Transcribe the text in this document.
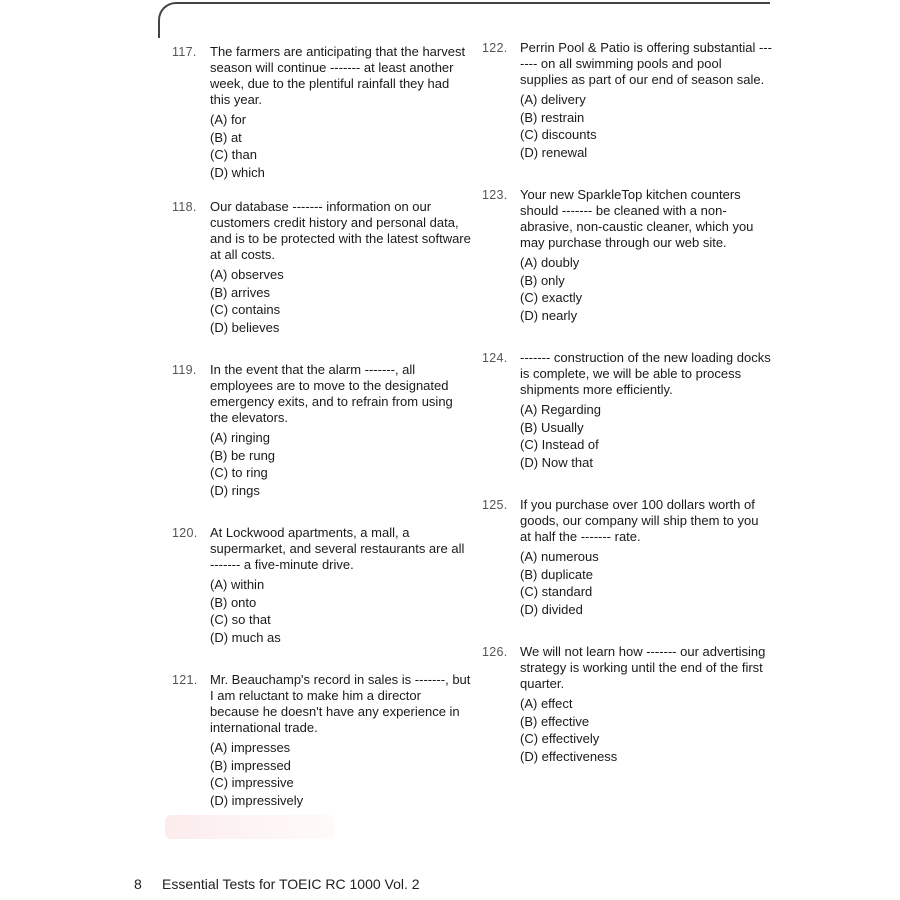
117. The farmers are anticipating that the harvest season will continue ------- at least another week, due to the plentiful rainfall they had this year.

(A) for
(B) at
(C) than
(D) which
118. Our database ------- information on our customers credit history and personal data, and is to be protected with the latest software at all costs.

(A) observes
(B) arrives
(C) contains
(D) believes
119. In the event that the alarm -------, all employees are to move to the designated emergency exits, and to refrain from using the elevators.

(A) ringing
(B) be rung
(C) to ring
(D) rings
120. At Lockwood apartments, a mall, a supermarket, and several restaurants are all ------- a five-minute drive.

(A) within
(B) onto
(C) so that
(D) much as
121. Mr. Beauchamp's record in sales is -------, but I am reluctant to make him a director because he doesn't have any experience in international trade.

(A) impresses
(B) impressed
(C) impressive
(D) impressively
122. Perrin Pool & Patio is offering substantial ------- on all swimming pools and pool supplies as part of our end of season sale.

(A) delivery
(B) restrain
(C) discounts
(D) renewal
123. Your new SparkleTop kitchen counters should ------- be cleaned with a non-abrasive, non-caustic cleaner, which you may purchase through our web site.

(A) doubly
(B) only
(C) exactly
(D) nearly
124. ------- construction of the new loading docks is complete, we will be able to process shipments more efficiently.

(A) Regarding
(B) Usually
(C) Instead of
(D) Now that
125. If you purchase over 100 dollars worth of goods, our company will ship them to you at half the ------- rate.

(A) numerous
(B) duplicate
(C) standard
(D) divided
126. We will not learn how ------- our advertising strategy is working until the end of the first quarter.

(A) effect
(B) effective
(C) effectively
(D) effectiveness
8 Essential Tests for TOEIC RC 1000 Vol. 2
